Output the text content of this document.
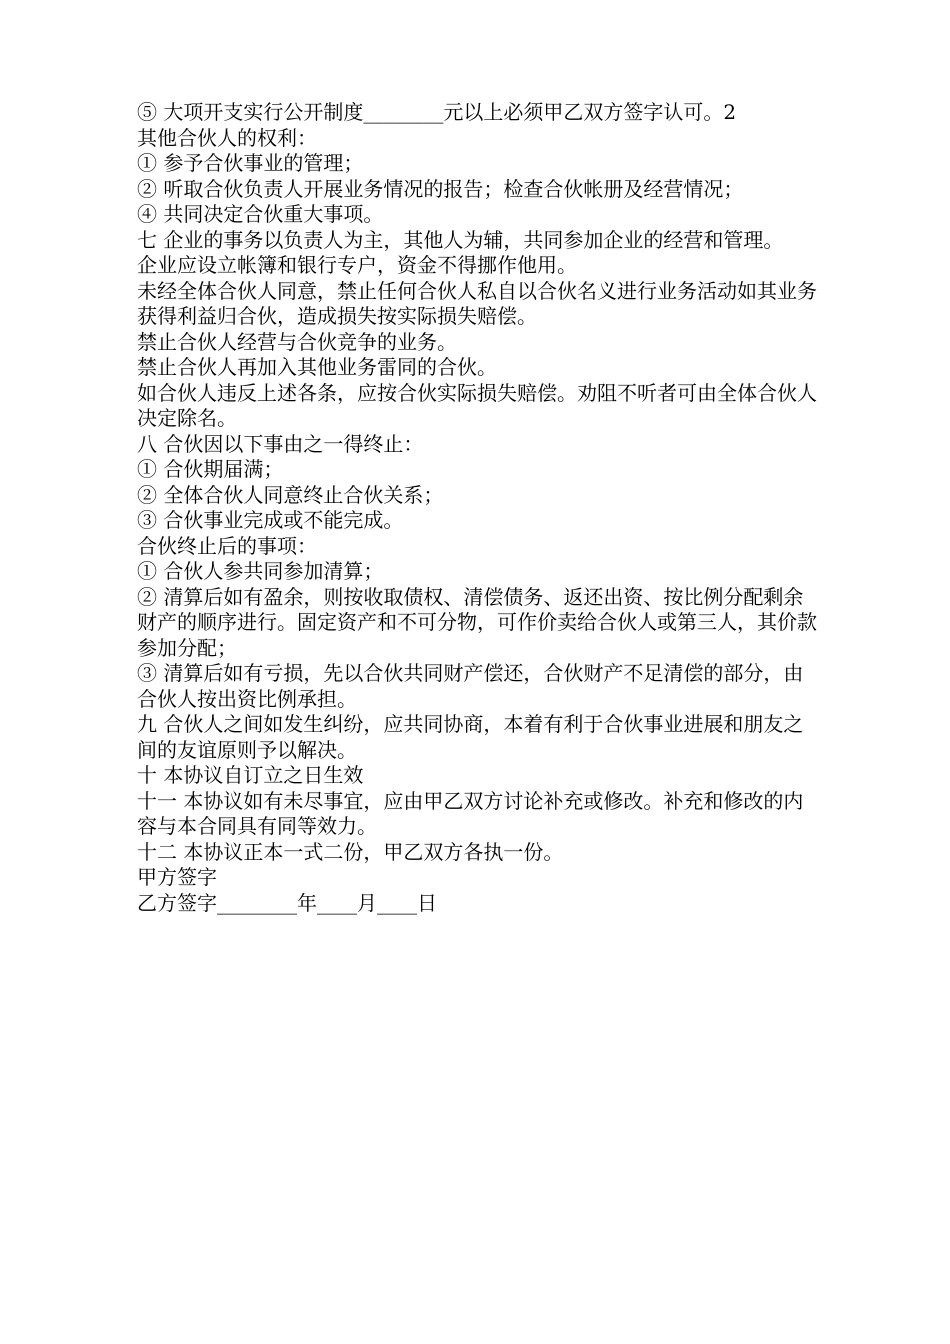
⑤ 大项开支实行公开制度________元以上必须甲乙双方签字认可。2

其他合伙人的权利：

① 参予合伙事业的管理；

② 听取合伙负责人开展业务情况的报告；检查合伙帐册及经营情况；

④ 共同决定合伙重大事项。

七 企业的事务以负责人为主，其他人为辅，共同参加企业的经营和管理。

企业应设立帐簿和银行专户，资金不得挪作他用。

未经全体合伙人同意，禁止任何合伙人私自以合伙名义进行业务活动如其业务获得利益归合伙，造成损失按实际损失赔偿。

禁止合伙人经营与合伙竞争的业务。

禁止合伙人再加入其他业务雷同的合伙。

如合伙人违反上述各条，应按合伙实际损失赔偿。劝阻不听者可由全体合伙人决定除名。

八 合伙因以下事由之一得终止：

① 合伙期届满；

② 全体合伙人同意终止合伙关系；

③ 合伙事业完成或不能完成。

合伙终止后的事项：

① 合伙人参共同参加清算；

② 清算后如有盈余，则按收取债权、清偿债务、返还出资、按比例分配剩余财产的顺序进行。固定资产和不可分物，可作价卖给合伙人或第三人，其价款参加分配；

③ 清算后如有亏损，先以合伙共同财产偿还，合伙财产不足清偿的部分，由合伙人按出资比例承担。

九 合伙人之间如发生纠纷，应共同协商，本着有利于合伙事业进展和朋友之间的友谊原则予以解决。

十 本协议自订立之日生效

十一 本协议如有未尽事宜，应由甲乙双方讨论补充或修改。补充和修改的内容与本合同具有同等效力。

十二 本协议正本一式二份，甲乙双方各执一份。

甲方签字

乙方签字________年____月____日
